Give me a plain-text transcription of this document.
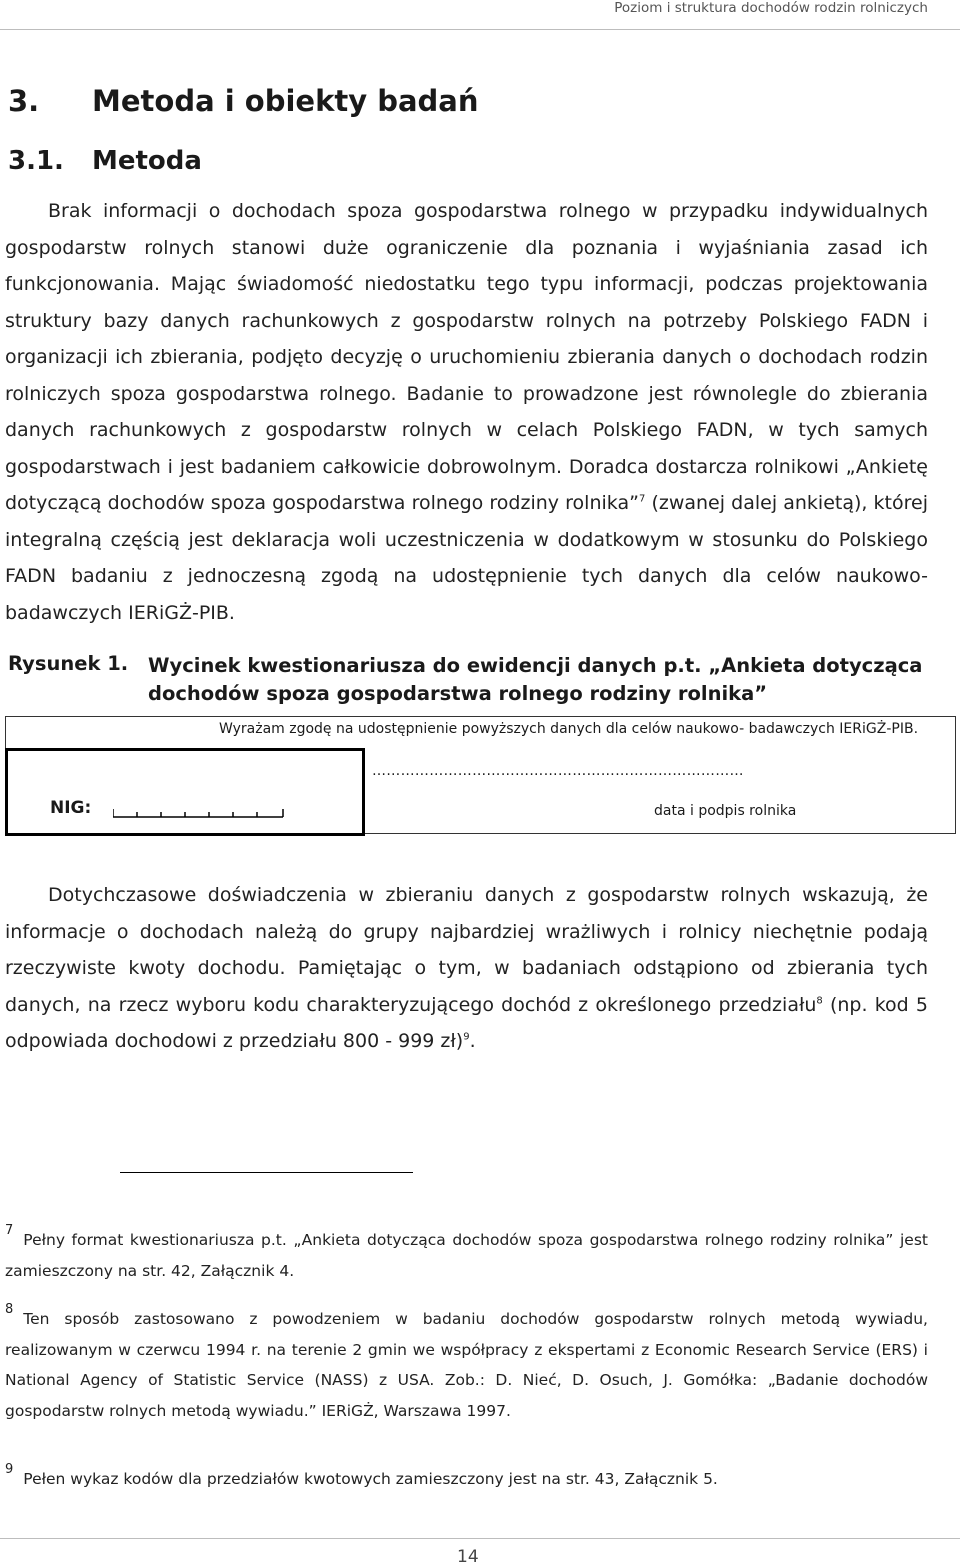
Poziom i struktura dochodów rodzin rolniczych
3. Metoda i obiekty badań
3.1. Metoda
Brak informacji o dochodach spoza gospodarstwa rolnego w przypadku indywidualnych gospodarstw rolnych stanowi duże ograniczenie dla poznania i wyjaśniania zasad ich funkcjonowania. Mając świadomość niedostatku tego typu informacji, podczas projektowania struktury bazy danych rachunkowych z gospodarstw rolnych na potrzeby Polskiego FADN i organizacji ich zbierania, podjęto decyzję o uruchomieniu zbierania danych o dochodach rodzin rolniczych spoza gospodarstwa rolnego. Badanie to prowadzone jest równolegle do zbierania danych rachunkowych z gospodarstw rolnych w celach Polskiego FADN, w tych samych gospodarstwach i jest badaniem całkowicie dobrowolnym. Doradca dostarcza rolnikowi „Ankietę dotyczącą dochodów spoza gospodarstwa rolnego rodziny rolnika”$^7$ (zwanej dalej ankietą), której integralną częścią jest deklaracja woli uczestniczenia w dodatkowym w stosunku do Polskiego FADN badaniu z jednoczesną zgodą na udostępnienie tych danych dla celów naukowo-badawczych IERiGŻ-PIB.
Rysunek 1. Wycinek kwestionariusza do ewidencji danych p.t. „Ankieta dotycząca dochodów spoza gospodarstwa rolnego rodziny rolnika”
Wyrażam zgodę na udostępnienie powyższych danych dla celów naukowo- badawczych IERiGŻ-PIB.
……………………………………………………………………
data i podpis rolnika
NIG:
Dotychczasowe doświadczenia w zbieraniu danych z gospodarstw rolnych wskazują, że informacje o dochodach należą do grupy najbardziej wrażliwych i rolnicy niechętnie podają rzeczywiste kwoty dochodu. Pamiętając o tym, w badaniach odstąpiono od zbierania tych danych, na rzecz wyboru kodu charakteryzującego dochód z określonego przedziału$^8$ (np. kod 5 odpowiada dochodowi z przedziału 800 - 999 zł)$^9$.
$^7$Pełny format kwestionariusza p.t. „Ankieta dotycząca dochodów spoza gospodarstwa rolnego rodziny rolnika” jest zamieszczony na str. 42, Załącznik 4.
$^8$Ten sposób zastosowano z powodzeniem w badaniu dochodów gospodarstw rolnych metodą wywiadu, realizowanym w czerwcu 1994 r. na terenie 2 gmin we współpracy z ekspertami z Economic Research Service (ERS) i National Agency of Statistic Service (NASS) z USA. Zob.: D. Nieć, D. Osuch, J. Gomółka: „Badanie dochodów gospodarstw rolnych metodą wywiadu.” IERiGŻ, Warszawa 1997.
$^9$Pełen wykaz kodów dla przedziałów kwotowych zamieszczony jest na str. 43, Załącznik 5.
14
